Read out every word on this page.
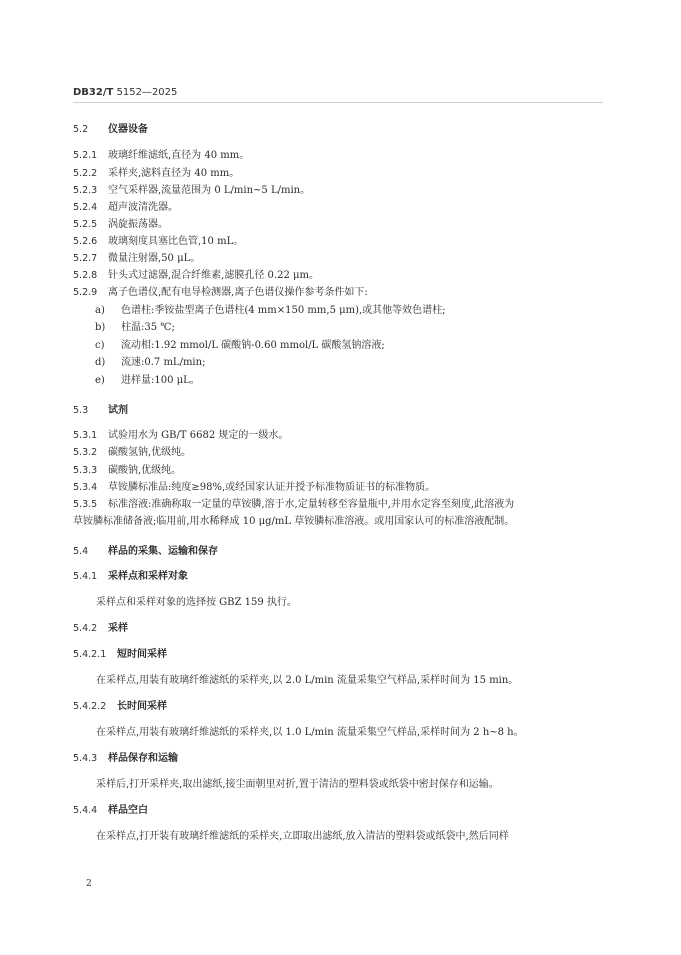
DB32/T 5152—2025
5.2 仪器设备
5.2.1 玻璃纤维滤纸,直径为 40 mm。
5.2.2 采样夹,滤料直径为 40 mm。
5.2.3 空气采样器,流量范围为 0 L/min~5 L/min。
5.2.4 超声波清洗器。
5.2.5 涡旋振荡器。
5.2.6 玻璃刻度具塞比色管,10 mL。
5.2.7 微量注射器,50 μL。
5.2.8 针头式过滤器,混合纤维素,滤膜孔径 0.22 μm。
5.2.9 离子色谱仪,配有电导检测器,离子色谱仪操作参考条件如下:
a) 色谱柱:季铵盐型离子色谱柱(4 mm×150 mm,5 μm),或其他等效色谱柱;
b) 柱温:35 ℃;
c) 流动相:1.92 mmol/L 碳酸钠-0.60 mmol/L 碳酸氢钠溶液;
d) 流速:0.7 mL/min;
e) 进样量:100 μL。
5.3 试剂
5.3.1 试验用水为 GB/T 6682 规定的一级水。
5.3.2 碳酸氢钠,优级纯。
5.3.3 碳酸钠,优级纯。
5.3.4 草铵膦标准品:纯度≥98%,或经国家认证并授予标准物质证书的标准物质。
5.3.5 标准溶液:准确称取一定量的草铵膦,溶于水,定量转移至容量瓶中,并用水定容至刻度,此溶液为
草铵膦标准储备液;临用前,用水稀释成 10 μg/mL 草铵膦标准溶液。或用国家认可的标准溶液配制。
5.4 样品的采集、运输和保存
5.4.1 采样点和采样对象
采样点和采样对象的选择按 GBZ 159 执行。
5.4.2 采样
5.4.2.1 短时间采样
在采样点,用装有玻璃纤维滤纸的采样夹,以 2.0 L/min 流量采集空气样品,采样时间为 15 min。
5.4.2.2 长时间采样
在采样点,用装有玻璃纤维滤纸的采样夹,以 1.0 L/min 流量采集空气样品,采样时间为 2 h~8 h。
5.4.3 样品保存和运输
采样后,打开采样夹,取出滤纸,接尘面朝里对折,置于清洁的塑料袋或纸袋中密封保存和运输。
5.4.4 样品空白
在采样点,打开装有玻璃纤维滤纸的采样夹,立即取出滤纸,放入清洁的塑料袋或纸袋中,然后同样
2
